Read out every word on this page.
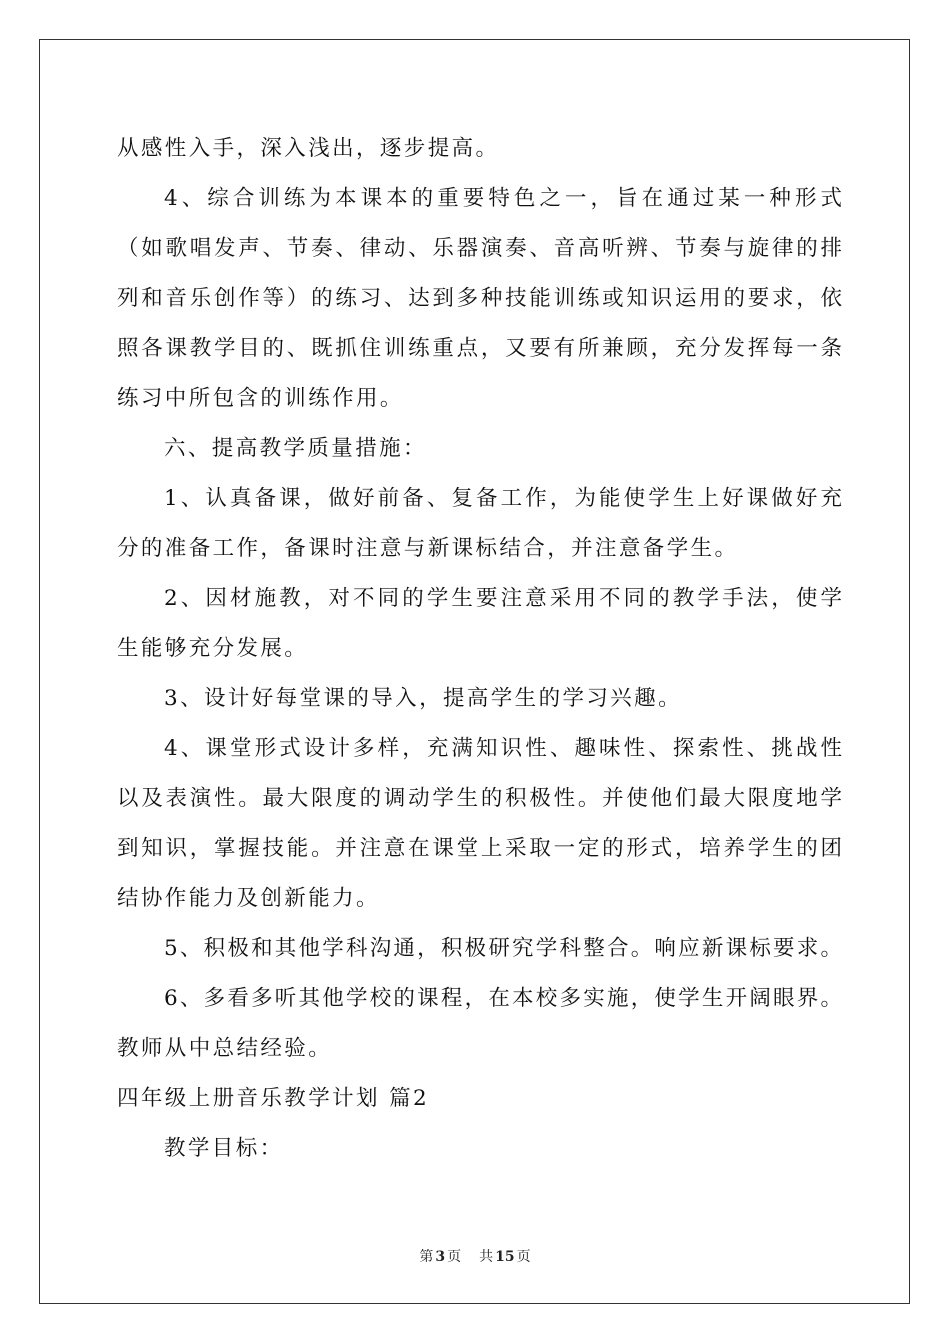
从感性入手，深入浅出，逐步提高。
4、综合训练为本课本的重要特色之一，旨在通过某一种形式
（如歌唱发声、节奏、律动、乐器演奏、音高听辨、节奏与旋律的排
列和音乐创作等）的练习、达到多种技能训练或知识运用的要求，依
照各课教学目的、既抓住训练重点，又要有所兼顾，充分发挥每一条
练习中所包含的训练作用。
六、提高教学质量措施：
1、认真备课，做好前备、复备工作，为能使学生上好课做好充
分的准备工作，备课时注意与新课标结合，并注意备学生。
2、因材施教，对不同的学生要注意采用不同的教学手法，使学
生能够充分发展。
3、设计好每堂课的导入，提高学生的学习兴趣。
4、课堂形式设计多样，充满知识性、趣味性、探索性、挑战性
以及表演性。最大限度的调动学生的积极性。并使他们最大限度地学
到知识，掌握技能。并注意在课堂上采取一定的形式，培养学生的团
结协作能力及创新能力。
5、积极和其他学科沟通，积极研究学科整合。响应新课标要求。
6、多看多听其他学校的课程，在本校多实施，使学生开阔眼界。
教师从中总结经验。
四年级上册音乐教学计划 篇2
教学目标：
第 3 页 共 15 页
